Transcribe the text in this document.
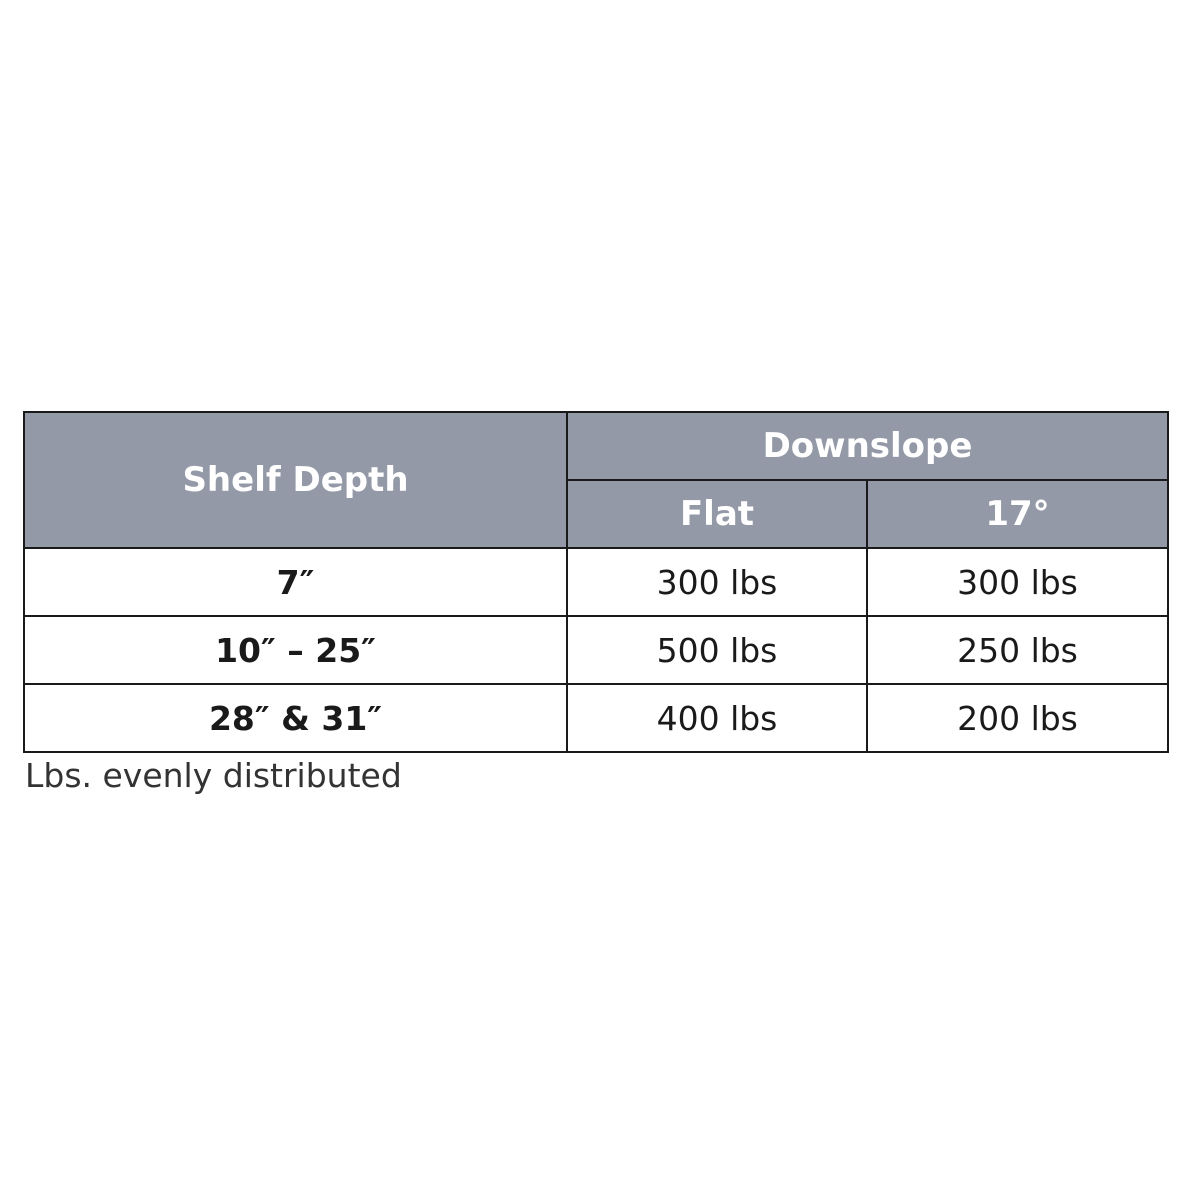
Shelf Depth	Downslope	
	Flat	17°
7″	300 lbs	300 lbs
10″ – 25″	500 lbs	250 lbs
28″ & 31″	400 lbs	200 lbs

Lbs. evenly distributed
